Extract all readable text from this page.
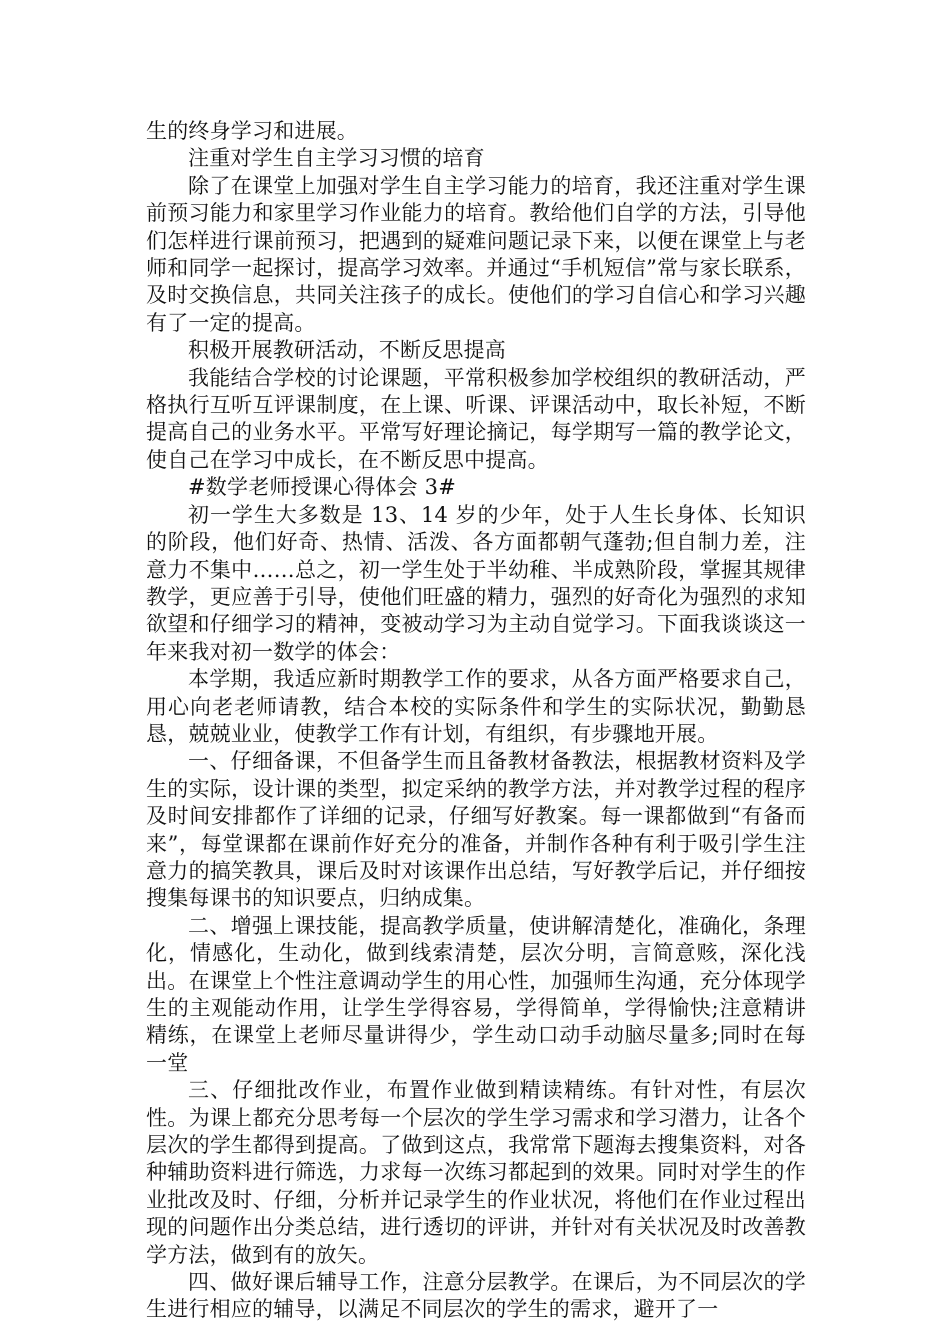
生的终身学习和进展。

注重对学生自主学习习惯的培育

除了在课堂上加强对学生自主学习能力的培育，我还注重对学生课前预习能力和家里学习作业能力的培育。教给他们自学的方法，引导他们怎样进行课前预习，把遇到的疑难问题记录下来，以便在课堂上与老师和同学一起探讨，提高学习效率。并通过“手机短信”常与家长联系，及时交换信息，共同关注孩子的成长。使他们的学习自信心和学习兴趣有了一定的提高。

积极开展教研活动，不断反思提高

我能结合学校的讨论课题，平常积极参加学校组织的教研活动，严格执行互听互评课制度，在上课、听课、评课活动中，取长补短，不断提高自己的业务水平。平常写好理论摘记，每学期写一篇的教学论文，使自己在学习中成长，在不断反思中提高。

#数学老师授课心得体会 3#

初一学生大多数是 13、14 岁的少年，处于人生长身体、长知识的阶段，他们好奇、热情、活泼、各方面都朝气蓬勃;但自制力差，注意力不集中……总之，初一学生处于半幼稚、半成熟阶段，掌握其规律教学，更应善于引导，使他们旺盛的精力，强烈的好奇化为强烈的求知欲望和仔细学习的精神，变被动学习为主动自觉学习。下面我谈谈这一年来我对初一数学的体会：

本学期，我适应新时期教学工作的要求，从各方面严格要求自己，用心向老老师请教，结合本校的实际条件和学生的实际状况，勤勤恳恳，兢兢业业，使教学工作有计划，有组织，有步骤地开展。

一、仔细备课，不但备学生而且备教材备教法，根据教材资料及学生的实际，设计课的类型，拟定采纳的教学方法，并对教学过程的程序及时间安排都作了详细的记录，仔细写好教案。每一课都做到“有备而来”，每堂课都在课前作好充分的准备，并制作各种有利于吸引学生注意力的搞笑教具，课后及时对该课作出总结，写好教学后记，并仔细按搜集每课书的知识要点，归纳成集。

二、增强上课技能，提高教学质量，使讲解清楚化，准确化，条理化，情感化，生动化，做到线索清楚，层次分明，言简意赅，深化浅出。在课堂上个性注意调动学生的用心性，加强师生沟通，充分体现学生的主观能动作用，让学生学得容易，学得简单，学得愉快;注意精讲精练，在课堂上老师尽量讲得少，学生动口动手动脑尽量多;同时在每一堂

三、仔细批改作业，布置作业做到精读精练。有针对性，有层次性。为课上都充分思考每一个层次的学生学习需求和学习潜力，让各个层次的学生都得到提高。了做到这点，我常常下题海去搜集资料，对各种辅助资料进行筛选，力求每一次练习都起到的效果。同时对学生的作业批改及时、仔细，分析并记录学生的作业状况，将他们在作业过程出现的问题作出分类总结，进行透切的评讲，并针对有关状况及时改善教学方法，做到有的放矢。

四、做好课后辅导工作，注意分层教学。在课后，为不同层次的学生进行相应的辅导，以满足不同层次的学生的需求，避开了一
